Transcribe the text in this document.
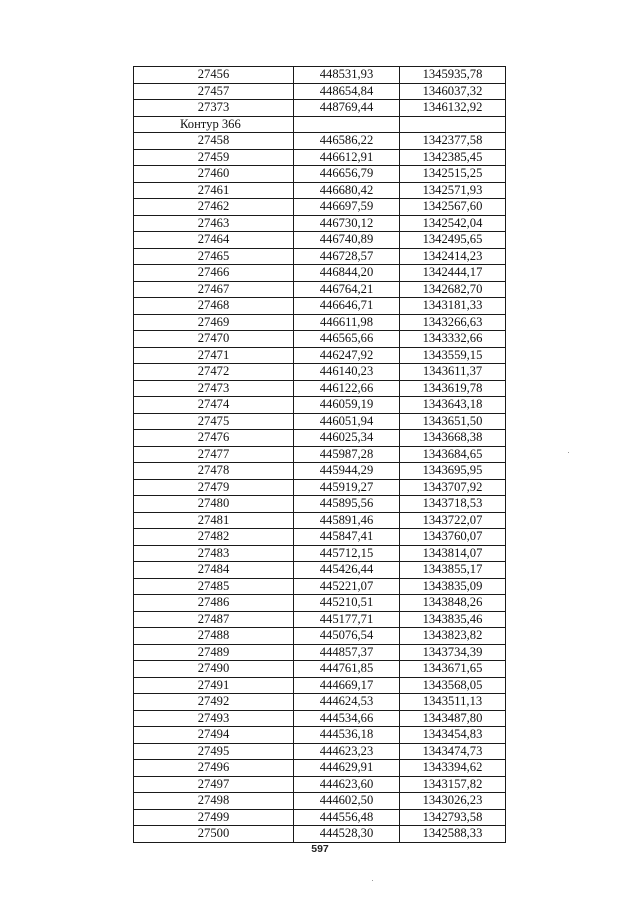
27456	448531,93	1345935,78
27457	448654,84	1346037,32
27373	448769,44	1346132,92
Контур 366		
27458	446586,22	1342377,58
27459	446612,91	1342385,45
27460	446656,79	1342515,25
27461	446680,42	1342571,93
27462	446697,59	1342567,60
27463	446730,12	1342542,04
27464	446740,89	1342495,65
27465	446728,57	1342414,23
27466	446844,20	1342444,17
27467	446764,21	1342682,70
27468	446646,71	1343181,33
27469	446611,98	1343266,63
27470	446565,66	1343332,66
27471	446247,92	1343559,15
27472	446140,23	1343611,37
27473	446122,66	1343619,78
27474	446059,19	1343643,18
27475	446051,94	1343651,50
27476	446025,34	1343668,38
27477	445987,28	1343684,65
27478	445944,29	1343695,95
27479	445919,27	1343707,92
27480	445895,56	1343718,53
27481	445891,46	1343722,07
27482	445847,41	1343760,07
27483	445712,15	1343814,07
27484	445426,44	1343855,17
27485	445221,07	1343835,09
27486	445210,51	1343848,26
27487	445177,71	1343835,46
27488	445076,54	1343823,82
27489	444857,37	1343734,39
27490	444761,85	1343671,65
27491	444669,17	1343568,05
27492	444624,53	1343511,13
27493	444534,66	1343487,80
27494	444536,18	1343454,83
27495	444623,23	1343474,73
27496	444629,91	1343394,62
27497	444623,60	1343157,82
27498	444602,50	1343026,23
27499	444556,48	1342793,58
27500	444528,30	1342588,33
597
